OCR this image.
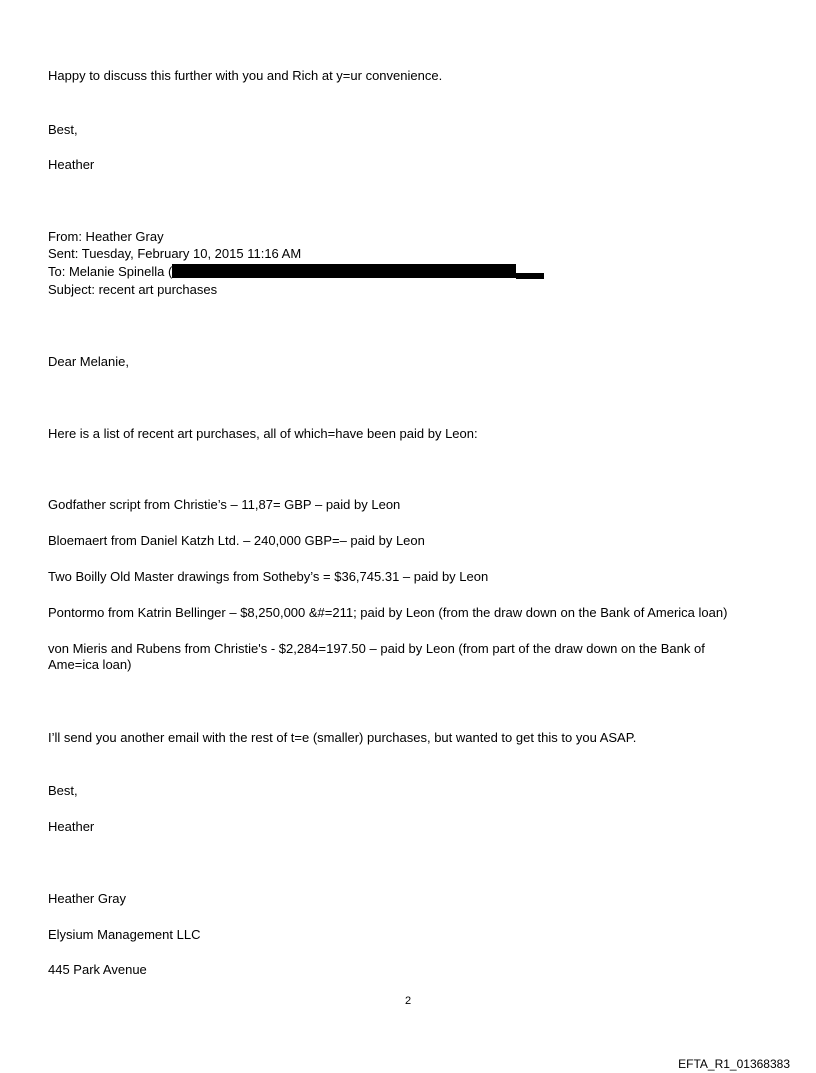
Happy to discuss this further with you and Rich at y=ur convenience.
Best,
Heather
From: Heather Gray
Sent: Tuesday, February 10, 2015 11:16 AM
To: Melanie Spinella (
Subject: recent art purchases
Dear Melanie,
Here is a list of recent art purchases, all of which=have been paid by Leon:
Godfather script from Christie’s – 11,87= GBP – paid by Leon
Bloemaert from Daniel Katzh Ltd. – 240,000 GBP=– paid by Leon
Two Boilly Old Master drawings from Sotheby’s = $36,745.31 – paid by Leon
Pontormo from Katrin Bellinger – $8,250,000 &#=211; paid by Leon (from the draw down on the Bank of America loan)
von Mieris and Rubens from Christie's - $2,284=197.50 – paid by Leon (from part of the draw down on the Bank of Ame=ica loan)
I’ll send you another email with the rest of t=e (smaller) purchases, but wanted to get this to you ASAP.
Best,
Heather
Heather Gray
Elysium Management LLC
445 Park Avenue
2
EFTA_R1_01368383
